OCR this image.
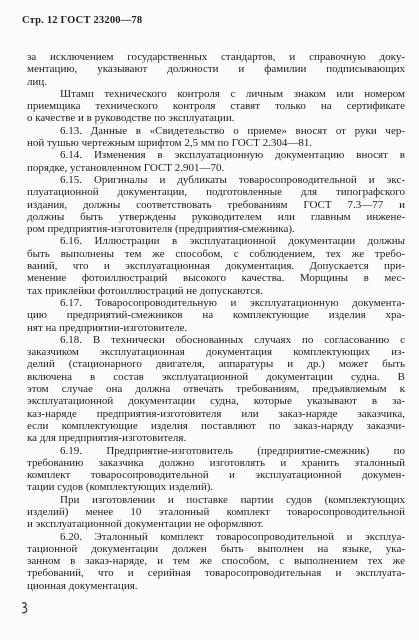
Стр. 12 ГОСТ 23200—78
за исключением государственных стандартов, и справочную доку-
ментацию, указывают должности и фамилии подписывающих
лиц.
Штамп технического контроля с личным знаком или номером
приемщика технического контроля ставят только на сертификате
о качестве и в руководстве по эксплуатации.
6.13. Данные в «Свидетельство о приеме» вносят от руки чер-
ной тушью чертежным шрифтом 2,5 мм по ГОСТ 2.304—81.
6.14. Изменения в эксплуатационную документацию вносят в
порядке, установленном ГОСТ 2.901—70.
6.15. Оригиналы и дубликаты товаросопроводительной и экс-
плуатационной документации, подготовленные для типографского
издания, должны соответствовать требованиям ГОСТ 7.3—77 и
должны быть утверждены руководителем или главным инжене-
ром предприятия-изготовителя (предприятия-смежника).
6.16. Иллюстрации в эксплуатационной документации должны
быть выполнены тем же способом, с соблюдением, тех же требо-
ваний, что и эксплуатационная документация. Допускается при-
менение фотоиллюстраций высокого качества. Морщины в мес-
тах приклейки фотоиллюстраций не допускаются.
6.17. Товаросопроводительную и эксплуатационную документа-
цию предприятий-смежников на комплектующие изделия хра-
нят на предприятии-изготовителе.
6.18. В технически обоснованных случаях по согласованию с
заказчиком эксплуатационная документация комплектующих из-
делий (стационарного двигателя, аппаратуры и др.) может быть
включена в состав эксплуатационной документации судна. В
этом случае она должна отвечать требованиям, предъявляемым к
эксплуатационной документации судна, которые указывают в за-
каз-наряде предприятия-изготовителя или заказ-наряде заказчика,
если комплектующие изделия поставляют по заказ-наряду заказчи-
ка для предприятия-изготовителя.
6.19. Предприятие-изготовитель (предприятие-смежник) по
требованию заказчика должно изготовлять и хранить эталонный
комплект товаросопроводительной и эксплуатационной докумен-
тации судов (комплектующих изделий).
При изготовлении и поставке партии судов (комплектующих
изделий) менее 10 эталонный комплект товаросопроводительной
и эксплуатационной документации не оформляют.
6.20. Эталонный комплект товаросопроводительной и эксплуа-
тационной документации должен быть выполнен на языке, ука-
занном в заказ-наряде, и тем же способом, с выполнением тех же
требований, что и серийная товаросопроводительная и эксплуата-
ционная документация.
